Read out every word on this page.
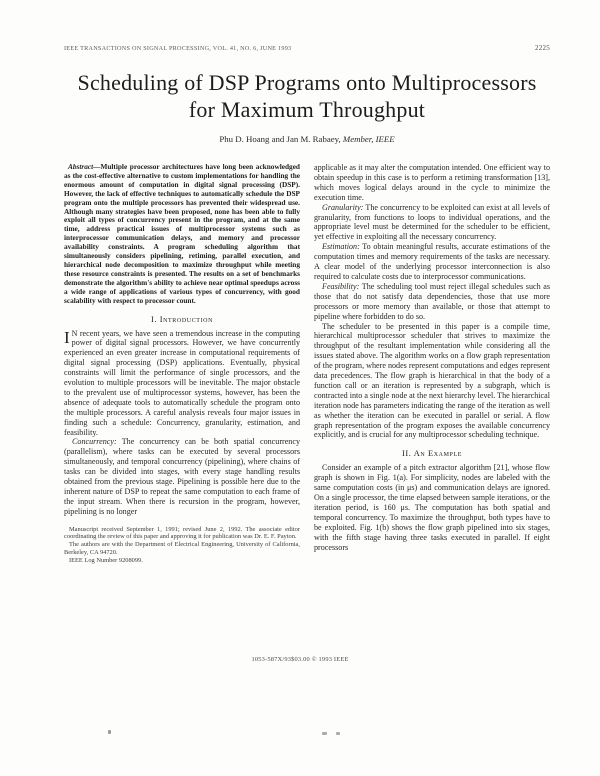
IEEE TRANSACTIONS ON SIGNAL PROCESSING, VOL. 41, NO. 6, JUNE 1993	2225
Scheduling of DSP Programs onto Multiprocessors
for Maximum Throughput
Phu D. Hoang and Jan M. Rabaey, Member, IEEE

Abstract—Multiple processor architectures have long been acknowledged as the cost-effective alternative to custom implementations for handling the enormous amount of computation in digital signal processing (DSP). However, the lack of effective techniques to automatically schedule the DSP program onto the multiple processors has prevented their widespread use. Although many strategies have been proposed, none has been able to fully exploit all types of concurrency present in the program, and at the same time, address practical issues of multiprocessor systems such as interprocessor communication delays, and memory and processor availability constraints. A program scheduling algorithm that simultaneously considers pipelining, retiming, parallel execution, and hierarchical node decomposition to maximize throughput while meeting these resource constraints is presented. The results on a set of benchmarks demonstrate the algorithm's ability to achieve near optimal speedups across a wide range of applications of various types of concurrency, with good scalability with respect to processor count.

I. Introduction

I N recent years, we have seen a tremendous increase in the computing power of digital signal processors. However, we have concurrently experienced an even greater increase in computational requirements of digital signal processing (DSP) applications. Eventually, physical constraints will limit the performance of single processors, and the evolution to multiple processors will be inevitable. The major obstacle to the prevalent use of multiprocessor systems, however, has been the absence of adequate tools to automatically schedule the program onto the multiple processors. A careful analysis reveals four major issues in finding such a schedule: Concurrency, granularity, estimation, and feasibility.

Concurrency: The concurrency can be both spatial concurrency (parallelism), where tasks can be executed by several processors simultaneously, and temporal concurrency (pipelining), where chains of tasks can be divided into stages, with every stage handling results obtained from the previous stage. Pipelining is possible here due to the inherent nature of DSP to repeat the same computation to each frame of the input stream. When there is recursion in the program, however, pipelining is no longer

Manuscript received September 1, 1991; revised June 2, 1992. The associate editor coordinating the review of this paper and approving it for publication was Dr. E. F. Payton.

The authors are with the Department of Electrical Engineering, University of California, Berkeley, CA 94720.

IEEE Log Number 9208099.

applicable as it may alter the computation intended. One efficient way to obtain speedup in this case is to perform a retiming transformation [13], which moves logical delays around in the cycle to minimize the execution time.

Granularity: The concurrency to be exploited can exist at all levels of granularity, from functions to loops to individual operations, and the appropriate level must be determined for the scheduler to be efficient, yet effective in exploiting all the necessary concurrency.

Estimation: To obtain meaningful results, accurate estimations of the computation times and memory requirements of the tasks are necessary. A clear model of the underlying processor interconnection is also required to calculate costs due to interprocessor communications.

Feasibility: The scheduling tool must reject illegal schedules such as those that do not satisfy data dependencies, those that use more processors or more memory than available, or those that attempt to pipeline where forbidden to do so.

The scheduler to be presented in this paper is a compile time, hierarchical multiprocessor scheduler that strives to maximize the throughput of the resultant implementation while considering all the issues stated above. The algorithm works on a flow graph representation of the program, where nodes represent computations and edges represent data precedences. The flow graph is hierarchical in that the body of a function call or an iteration is represented by a subgraph, which is contracted into a single node at the next hierarchy level. The hierarchical iteration node has parameters indicating the range of the iteration as well as whether the iteration can be executed in parallel or serial. A flow graph representation of the program exposes the available concurrency explicitly, and is crucial for any multiprocessor scheduling technique.

II. An Example

Consider an example of a pitch extractor algorithm [21], whose flow graph is shown in Fig. 1(a). For simplicity, nodes are labeled with the same computation costs (in μs) and communication delays are ignored. On a single processor, the time elapsed between sample iterations, or the iteration period, is 160 μs. The computation has both spatial and temporal concurrency. To maximize the throughput, both types have to be exploited. Fig. 1(b) shows the flow graph pipelined into six stages, with the fifth stage having three tasks executed in parallel. If eight processors

1053-587X/93$03.00 © 1993 IEEE
